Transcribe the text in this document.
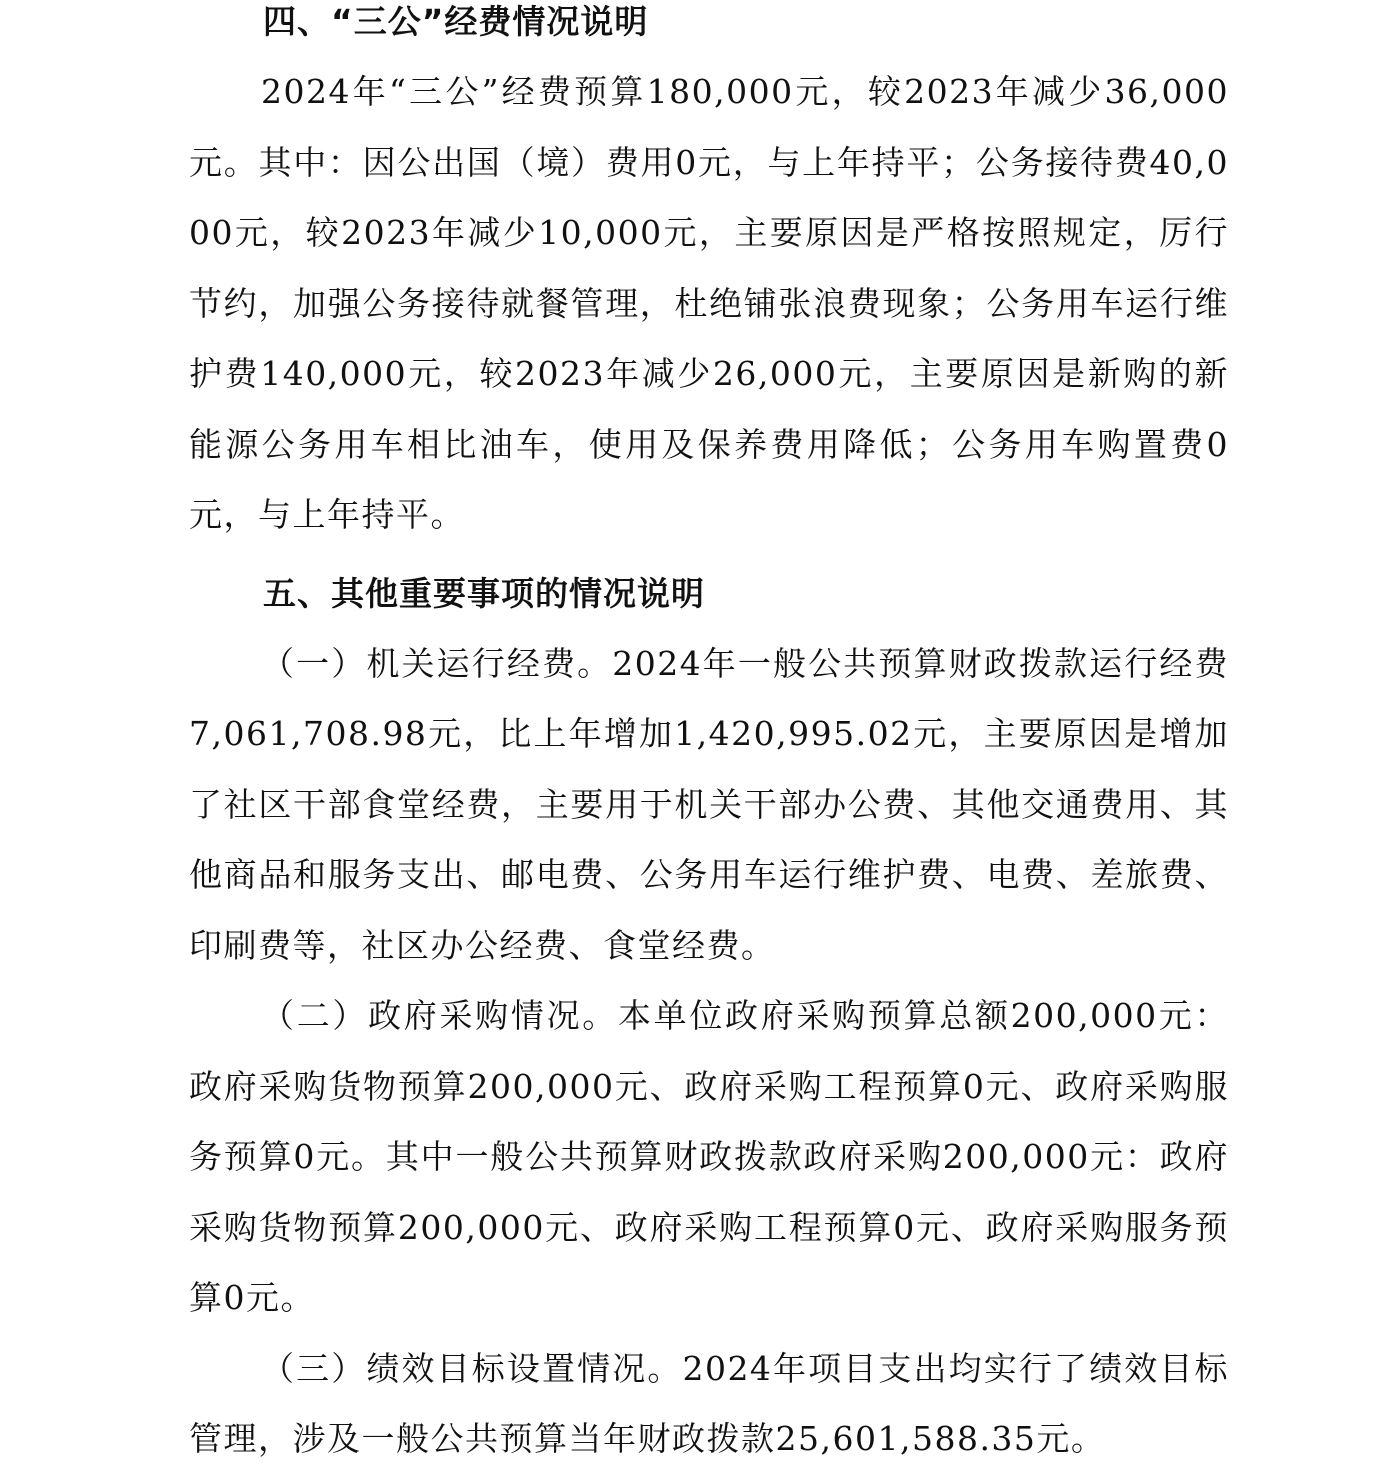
四、“三公”经费情况说明

2024年“三公”经费预算180,000元，较2023年减少36,000元。其中：因公出国（境）费用0元，与上年持平；公务接待费40,000元，较2023年减少10,000元，主要原因是严格按照规定，厉行节约，加强公务接待就餐管理，杜绝铺张浪费现象；公务用车运行维护费140,000元，较2023年减少26,000元，主要原因是新购的新能源公务用车相比油车，使用及保养费用降低；公务用车购置费0元，与上年持平。

五、其他重要事项的情况说明

（一）机关运行经费。2024年一般公共预算财政拨款运行经费7,061,708.98元，比上年增加1,420,995.02元，主要原因是增加了社区干部食堂经费，主要用于机关干部办公费、其他交通费用、其他商品和服务支出、邮电费、公务用车运行维护费、电费、差旅费、印刷费等，社区办公经费、食堂经费。

（二）政府采购情况。本单位政府采购预算总额200,000元：政府采购货物预算200,000元、政府采购工程预算0元、政府采购服务预算0元。其中一般公共预算财政拨款政府采购200,000元：政府采购货物预算200,000元、政府采购工程预算0元、政府采购服务预算0元。

（三）绩效目标设置情况。2024年项目支出均实行了绩效目标管理，涉及一般公共预算当年财政拨款25,601,588.35元。
